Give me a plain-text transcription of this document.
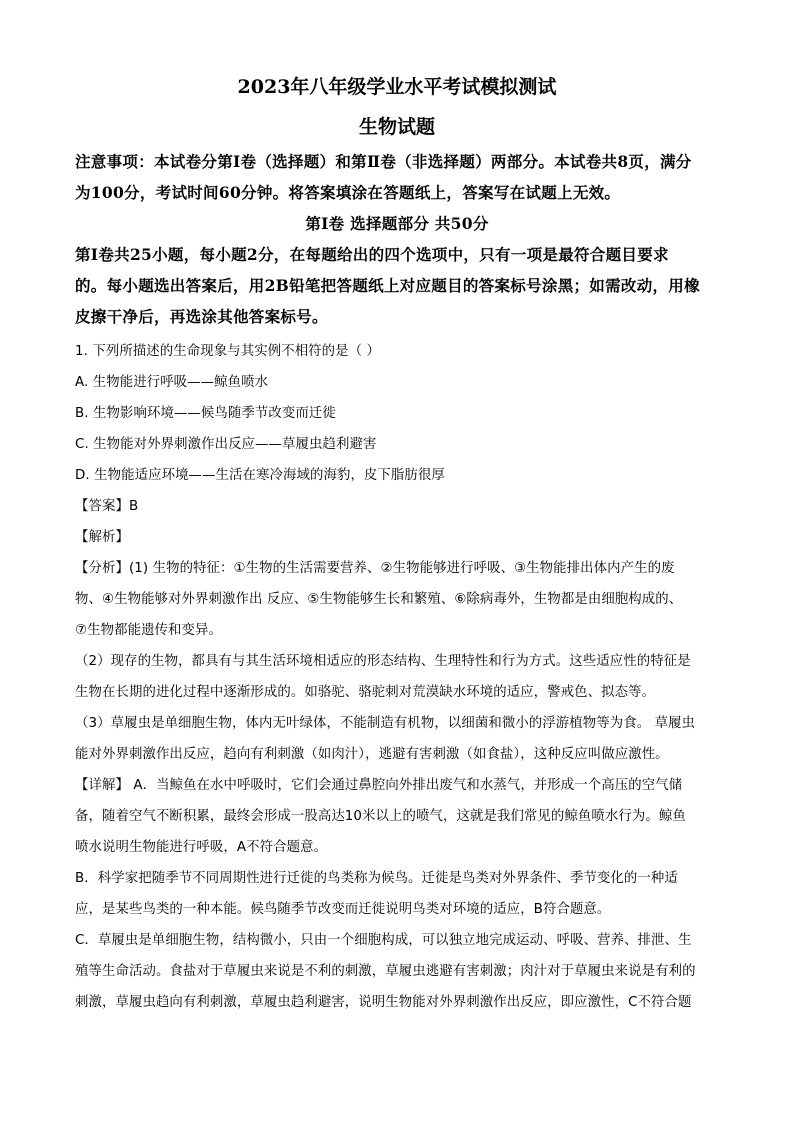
2023年八年级学业水平考试模拟测试
生物试题
注意事项：本试卷分第Ⅰ卷（选择题）和第Ⅱ卷（非选择题）两部分。本试卷共8页，满分
为100分，考试时间60分钟。将答案填涂在答题纸上，答案写在试题上无效。
第Ⅰ卷 选择题部分 共50分
第Ⅰ卷共25小题，每小题2分，在每题给出的四个选项中，只有一项是最符合题目要求
的。每小题选出答案后，用2B铅笔把答题纸上对应题目的答案标号涂黑；如需改动，用橡
皮擦干净后，再选涂其他答案标号。
1. 下列所描述的生命现象与其实例不相符的是（ ）
A. 生物能进行呼吸——鲸鱼喷水
B. 生物影响环境——候鸟随季节改变而迁徙
C. 生物能对外界刺激作出反应——草履虫趋利避害
D. 生物能适应环境——生活在寒冷海域的海豹，皮下脂肪很厚
【答案】B
【解析】
【分析】(1) 生物的特征：①生物的生活需要营养、②生物能够进行呼吸、③生物能排出体内产生的废
物、④生物能够对外界刺激作出 反应、⑤生物能够生长和繁殖、⑥除病毒外，生物都是由细胞构成的、
⑦生物都能遗传和变异。
（2）现存的生物，都具有与其生活环境相适应的形态结构、生理特性和行为方式。这些适应性的特征是
生物在长期的进化过程中逐渐形成的。如骆驼、骆驼刺对荒漠缺水环境的适应，警戒色、拟态等。
（3）草履虫是单细胞生物，体内无叶绿体，不能制造有机物，以细菌和微小的浮游植物等为食。 草履虫
能对外界刺激作出反应，趋向有利刺激（如肉汁），逃避有害刺激（如食盐），这种反应叫做应激性。
【详解】 A．当鲸鱼在水中呼吸时，它们会通过鼻腔向外排出废气和水蒸气，并形成一个高压的空气储
备，随着空气不断积累，最终会形成一股高达10米以上的喷气，这就是我们常见的鲸鱼喷水行为。鲸鱼
喷水说明生物能进行呼吸，A不符合题意。
B．科学家把随季节不同周期性进行迁徙的鸟类称为候鸟。迁徙是鸟类对外界条件、季节变化的一种适
应，是某些鸟类的一种本能。候鸟随季节改变而迁徙说明鸟类对环境的适应，B符合题意。
C．草履虫是单细胞生物，结构微小，只由一个细胞构成，可以独立地完成运动、呼吸、营养、排泄、生
殖等生命活动。食盐对于草履虫来说是不利的刺激，草履虫逃避有害刺激；肉汁对于草履虫来说是有利的
刺激，草履虫趋向有利刺激，草履虫趋利避害，说明生物能对外界刺激作出反应，即应激性，C不符合题
